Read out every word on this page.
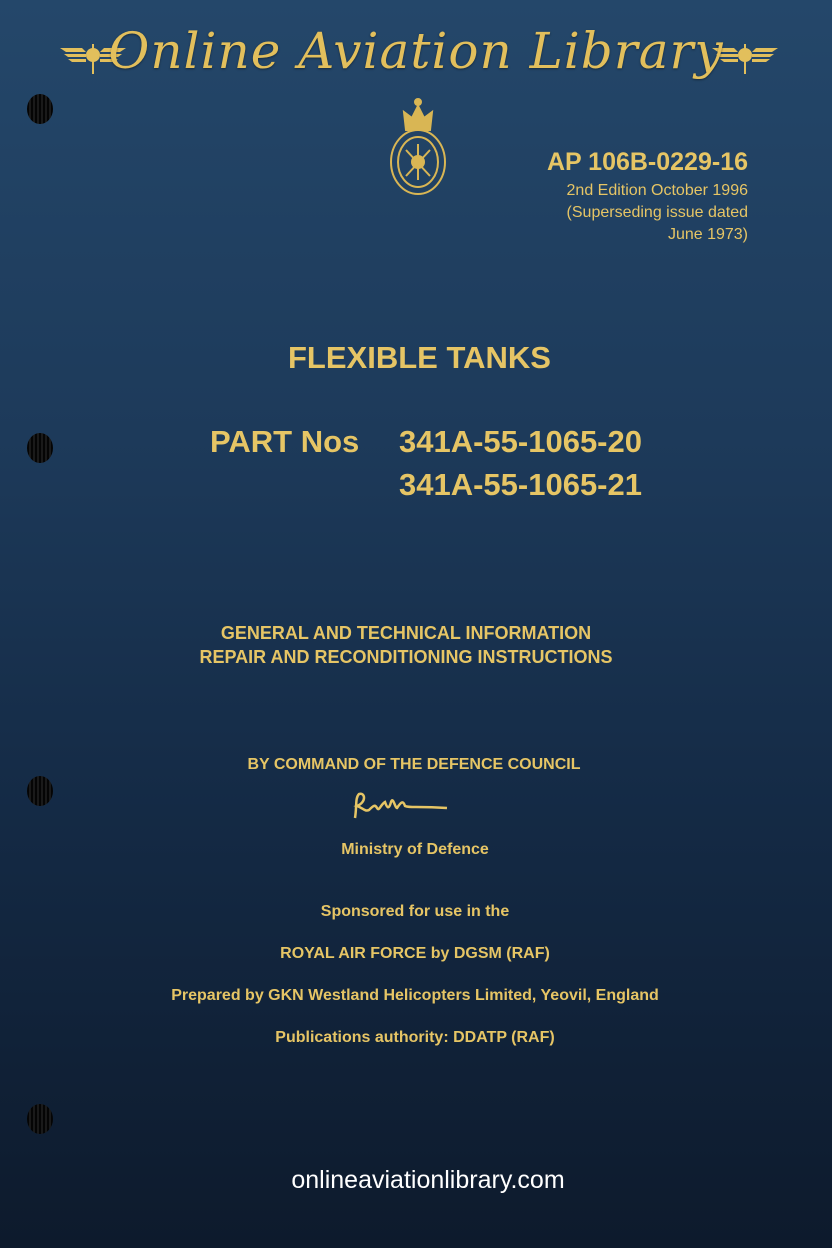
Online Aviation Library
AP 106B-0229-16
2nd Edition October 1996
(Superseding issue dated
June 1973)
FLEXIBLE TANKS
PART Nos 341A-55-1065-20
341A-55-1065-21
GENERAL AND TECHNICAL INFORMATION
REPAIR AND RECONDITIONING INSTRUCTIONS
BY COMMAND OF THE DEFENCE COUNCIL
Ministry of Defence
Sponsored for use in the
ROYAL AIR FORCE by DGSM (RAF)
Prepared by GKN Westland Helicopters Limited, Yeovil, England
Publications authority: DDATP (RAF)
onlineaviationlibrary.com
